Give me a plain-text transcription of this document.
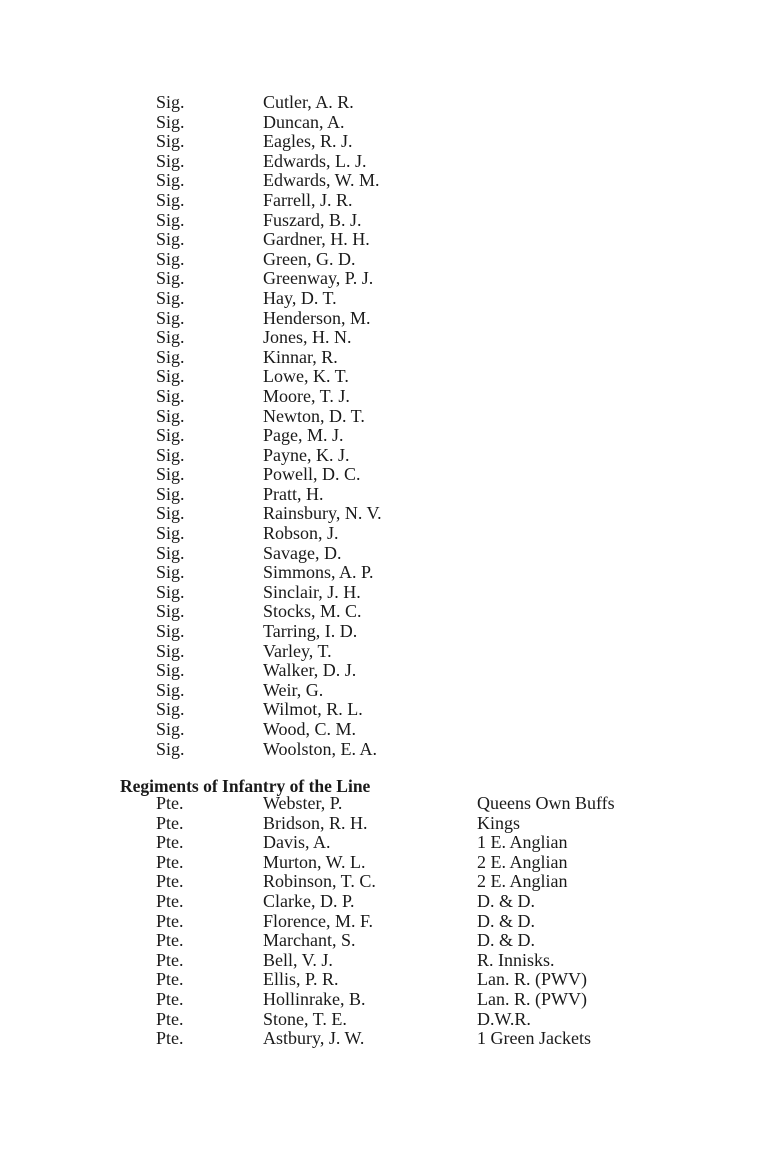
Sig.	Cutler, A. R.
Sig.	Duncan, A.
Sig.	Eagles, R. J.
Sig.	Edwards, L. J.
Sig.	Edwards, W. M.
Sig.	Farrell, J. R.
Sig.	Fuszard, B. J.
Sig.	Gardner, H. H.
Sig.	Green, G. D.
Sig.	Greenway, P. J.
Sig.	Hay, D. T.
Sig.	Henderson, M.
Sig.	Jones, H. N.
Sig.	Kinnar, R.
Sig.	Lowe, K. T.
Sig.	Moore, T. J.
Sig.	Newton, D. T.
Sig.	Page, M. J.
Sig.	Payne, K. J.
Sig.	Powell, D. C.
Sig.	Pratt, H.
Sig.	Rainsbury, N. V.
Sig.	Robson, J.
Sig.	Savage, D.
Sig.	Simmons, A. P.
Sig.	Sinclair, J. H.
Sig.	Stocks, M. C.
Sig.	Tarring, I. D.
Sig.	Varley, T.
Sig.	Walker, D. J.
Sig.	Weir, G.
Sig.	Wilmot, R. L.
Sig.	Wood, C. M.
Sig.	Woolston, E. A.
Regiments of Infantry of the Line
Pte.	Webster, P.	Queens Own Buffs
Pte.	Bridson, R. H.	Kings
Pte.	Davis, A.	1 E. Anglian
Pte.	Murton, W. L.	2 E. Anglian
Pte.	Robinson, T. C.	2 E. Anglian
Pte.	Clarke, D. P.	D. & D.
Pte.	Florence, M. F.	D. & D.
Pte.	Marchant, S.	D. & D.
Pte.	Bell, V. J.	R. Innisks.
Pte.	Ellis, P. R.	Lan. R. (PWV)
Pte.	Hollinrake, B.	Lan. R. (PWV)
Pte.	Stone, T. E.	D.W.R.
Pte.	Astbury, J. W.	1 Green Jackets
